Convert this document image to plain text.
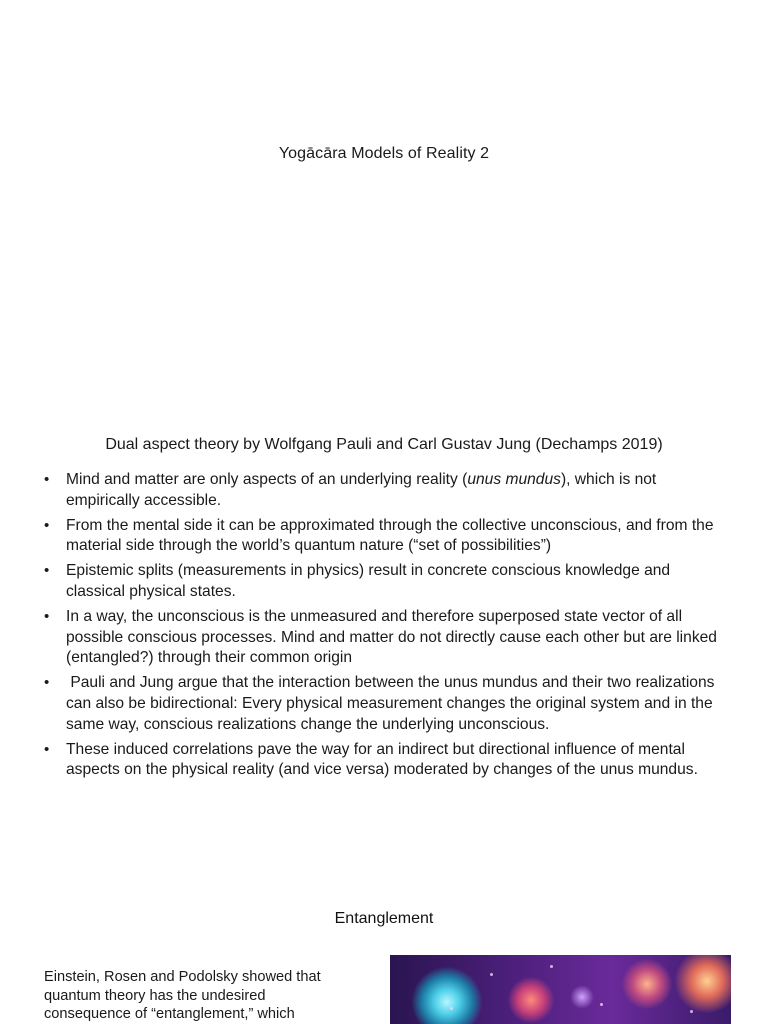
Yogācāra Models of Reality 2
Dual aspect theory by Wolfgang Pauli and Carl Gustav Jung (Dechamps 2019)
• Mind and matter are only aspects of an underlying reality (unus mundus), which is not empirically accessible.
• From the mental side it can be approximated through the collective unconscious, and from the material side through the world’s quantum nature (“set of possibilities”)
• Epistemic splits (measurements in physics) result in concrete conscious knowledge and classical physical states.
• In a way, the unconscious is the unmeasured and therefore superposed state vector of all possible conscious processes. Mind and matter do not directly cause each other but are linked (entangled?) through their common origin
• Pauli and Jung argue that the interaction between the unus mundus and their two realizations can also be bidirectional: Every physical measurement changes the original system and in the same way, conscious realizations change the underlying unconscious.
• These induced correlations pave the way for an indirect but directional influence of mental aspects on the physical reality (and vice versa) moderated by changes of the unus mundus.
Entanglement
Einstein, Rosen and Podolsky showed that quantum theory has the undesired consequence of “entanglement,” which
